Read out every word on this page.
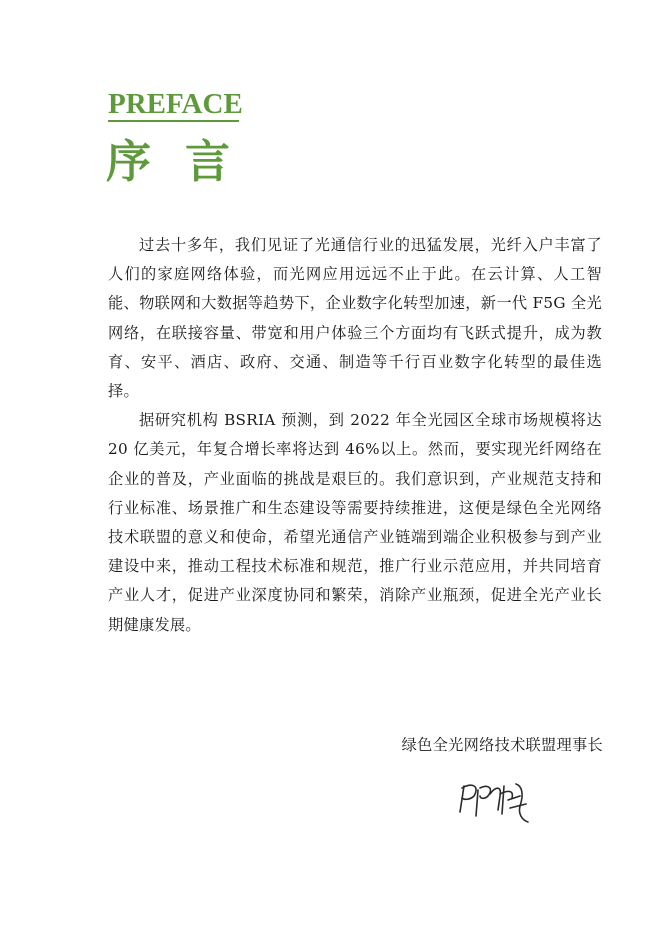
PREFACE
序言

过去十多年，我们见证了光通信行业的迅猛发展，光纤入户丰富了人们的家庭网络体验，而光网应用远远不止于此。在云计算、人工智能、物联网和大数据等趋势下，企业数字化转型加速，新一代 F5G 全光网络，在联接容量、带宽和用户体验三个方面均有飞跃式提升，成为教育、安平、酒店、政府、交通、制造等千行百业数字化转型的最佳选择。

据研究机构 BSRIA 预测，到 2022 年全光园区全球市场规模将达 20 亿美元，年复合增长率将达到 46%以上。然而，要实现光纤网络在企业的普及，产业面临的挑战是艰巨的。我们意识到，产业规范支持和行业标准、场景推广和生态建设等需要持续推进，这便是绿色全光网络技术联盟的意义和使命，希望光通信产业链端到端企业积极参与到产业建设中来，推动工程技术标准和规范，推广行业示范应用，并共同培育产业人才，促进产业深度协同和繁荣，消除产业瓶颈，促进全光产业长期健康发展。

绿色全光网络技术联盟理事长
